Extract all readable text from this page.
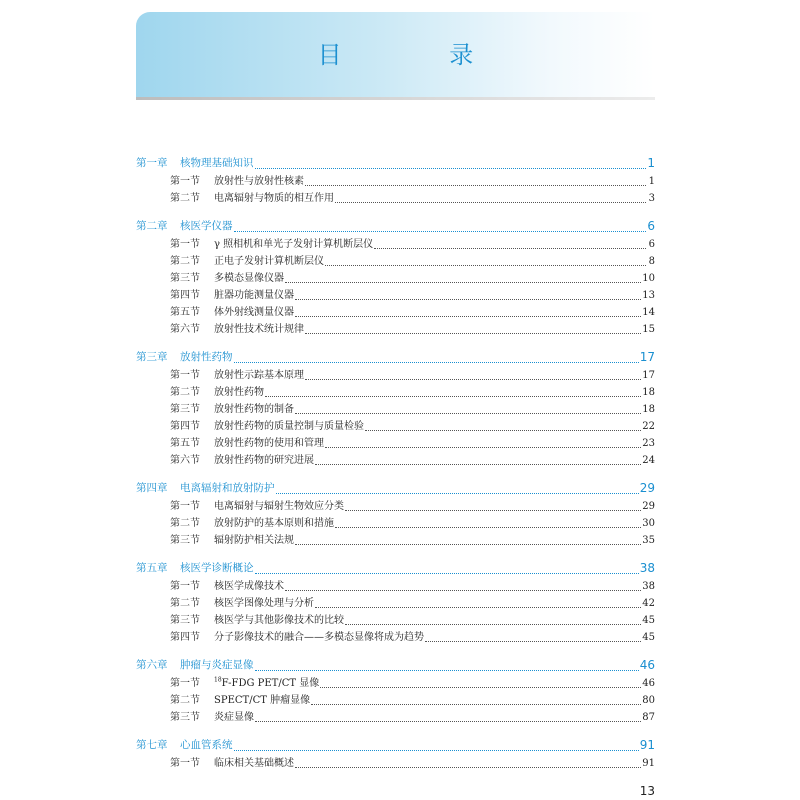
目 录
第一章	核物理基础知识	1
第一节	放射性与放射性核素	1
第二节	电离辐射与物质的相互作用	3
第二章	核医学仪器	6
第一节	γ 照相机和单光子发射计算机断层仪	6
第二节	正电子发射计算机断层仪	8
第三节	多模态显像仪器	10
第四节	脏器功能测量仪器	13
第五节	体外射线测量仪器	14
第六节	放射性技术统计规律	15
第三章	放射性药物	17
第一节	放射性示踪基本原理	17
第二节	放射性药物	18
第三节	放射性药物的制备	18
第四节	放射性药物的质量控制与质量检验	22
第五节	放射性药物的使用和管理	23
第六节	放射性药物的研究进展	24
第四章	电离辐射和放射防护	29
第一节	电离辐射与辐射生物效应分类	29
第二节	放射防护的基本原则和措施	30
第三节	辐射防护相关法规	35
第五章	核医学诊断概论	38
第一节	核医学成像技术	38
第二节	核医学图像处理与分析	42
第三节	核医学与其他影像技术的比较	45
第四节	分子影像技术的融合——多模态显像将成为趋势	45
第六章	肿瘤与炎症显像	46
第一节	$^{18}$F-FDG PET/CT 显像	46
第二节	SPECT/CT 肿瘤显像	80
第三节	炎症显像	87
第七章	心血管系统	91
第一节	临床相关基础概述	91
13
